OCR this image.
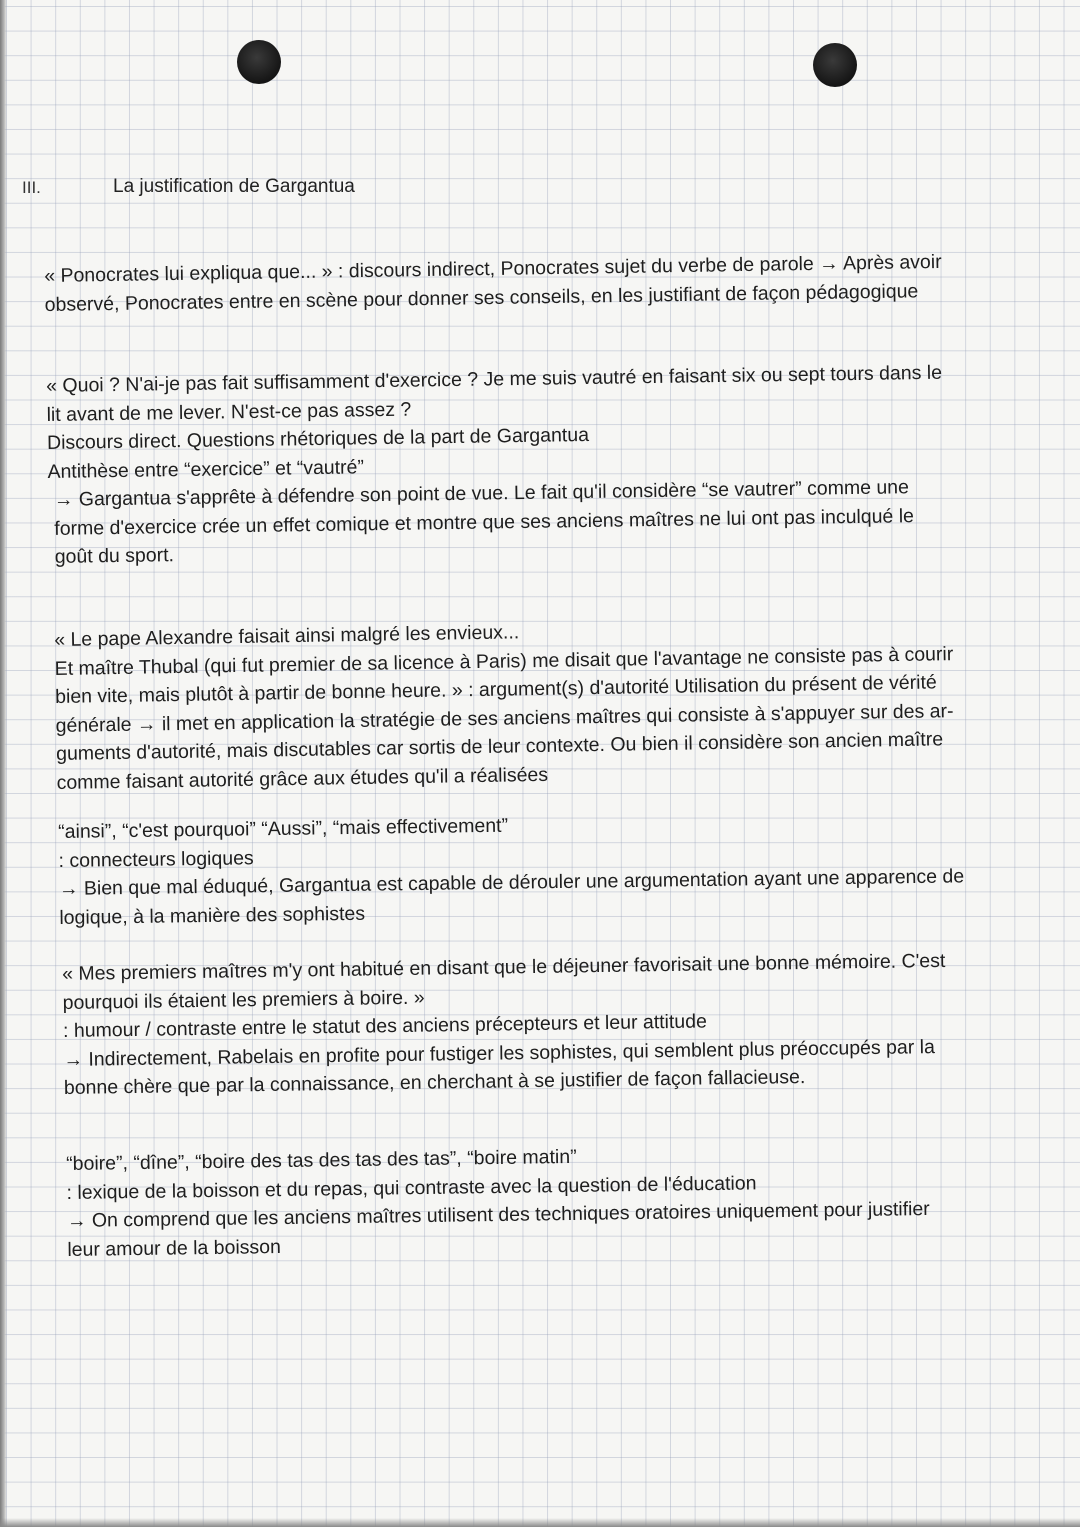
III.	La justification de Gargantua
« Ponocrates lui expliqua que... » : discours indirect, Ponocrates sujet du verbe de parole → Après avoir
observé, Ponocrates entre en scène pour donner ses conseils, en les justifiant de façon pédagogique
« Quoi ? N'ai-je pas fait suffisamment d'exercice ? Je me suis vautré en faisant six ou sept tours dans le
lit avant de me lever. N'est-ce pas assez ?
Discours direct. Questions rhétoriques de la part de Gargantua
Antithèse entre “exercice” et “vautré”
→ Gargantua s'apprête à défendre son point de vue. Le fait qu'il considère “se vautrer” comme une
forme d'exercice crée un effet comique et montre que ses anciens maîtres ne lui ont pas inculqué le
goût du sport.
« Le pape Alexandre faisait ainsi malgré les envieux...
Et maître Thubal (qui fut premier de sa licence à Paris) me disait que l'avantage ne consiste pas à courir
bien vite, mais plutôt à partir de bonne heure. » : argument(s) d'autorité Utilisation du présent de vérité
générale → il met en application la stratégie de ses anciens maîtres qui consiste à s'appuyer sur des ar-
guments d'autorité, mais discutables car sortis de leur contexte. Ou bien il considère son ancien maître
comme faisant autorité grâce aux études qu'il a réalisées
“ainsi”, “c'est pourquoi” “Aussi”, “mais effectivement”
: connecteurs logiques
→ Bien que mal éduqué, Gargantua est capable de dérouler une argumentation ayant une apparence de
logique, à la manière des sophistes
« Mes premiers maîtres m'y ont habitué en disant que le déjeuner favorisait une bonne mémoire. C'est
pourquoi ils étaient les premiers à boire. »
: humour / contraste entre le statut des anciens précepteurs et leur attitude
→ Indirectement, Rabelais en profite pour fustiger les sophistes, qui semblent plus préoccupés par la
bonne chère que par la connaissance, en cherchant à se justifier de façon fallacieuse.
“boire”, “dîne”, “boire des tas des tas des tas”, “boire matin”
: lexique de la boisson et du repas, qui contraste avec la question de l'éducation
→ On comprend que les anciens maîtres utilisent des techniques oratoires uniquement pour justifier
leur amour de la boisson
